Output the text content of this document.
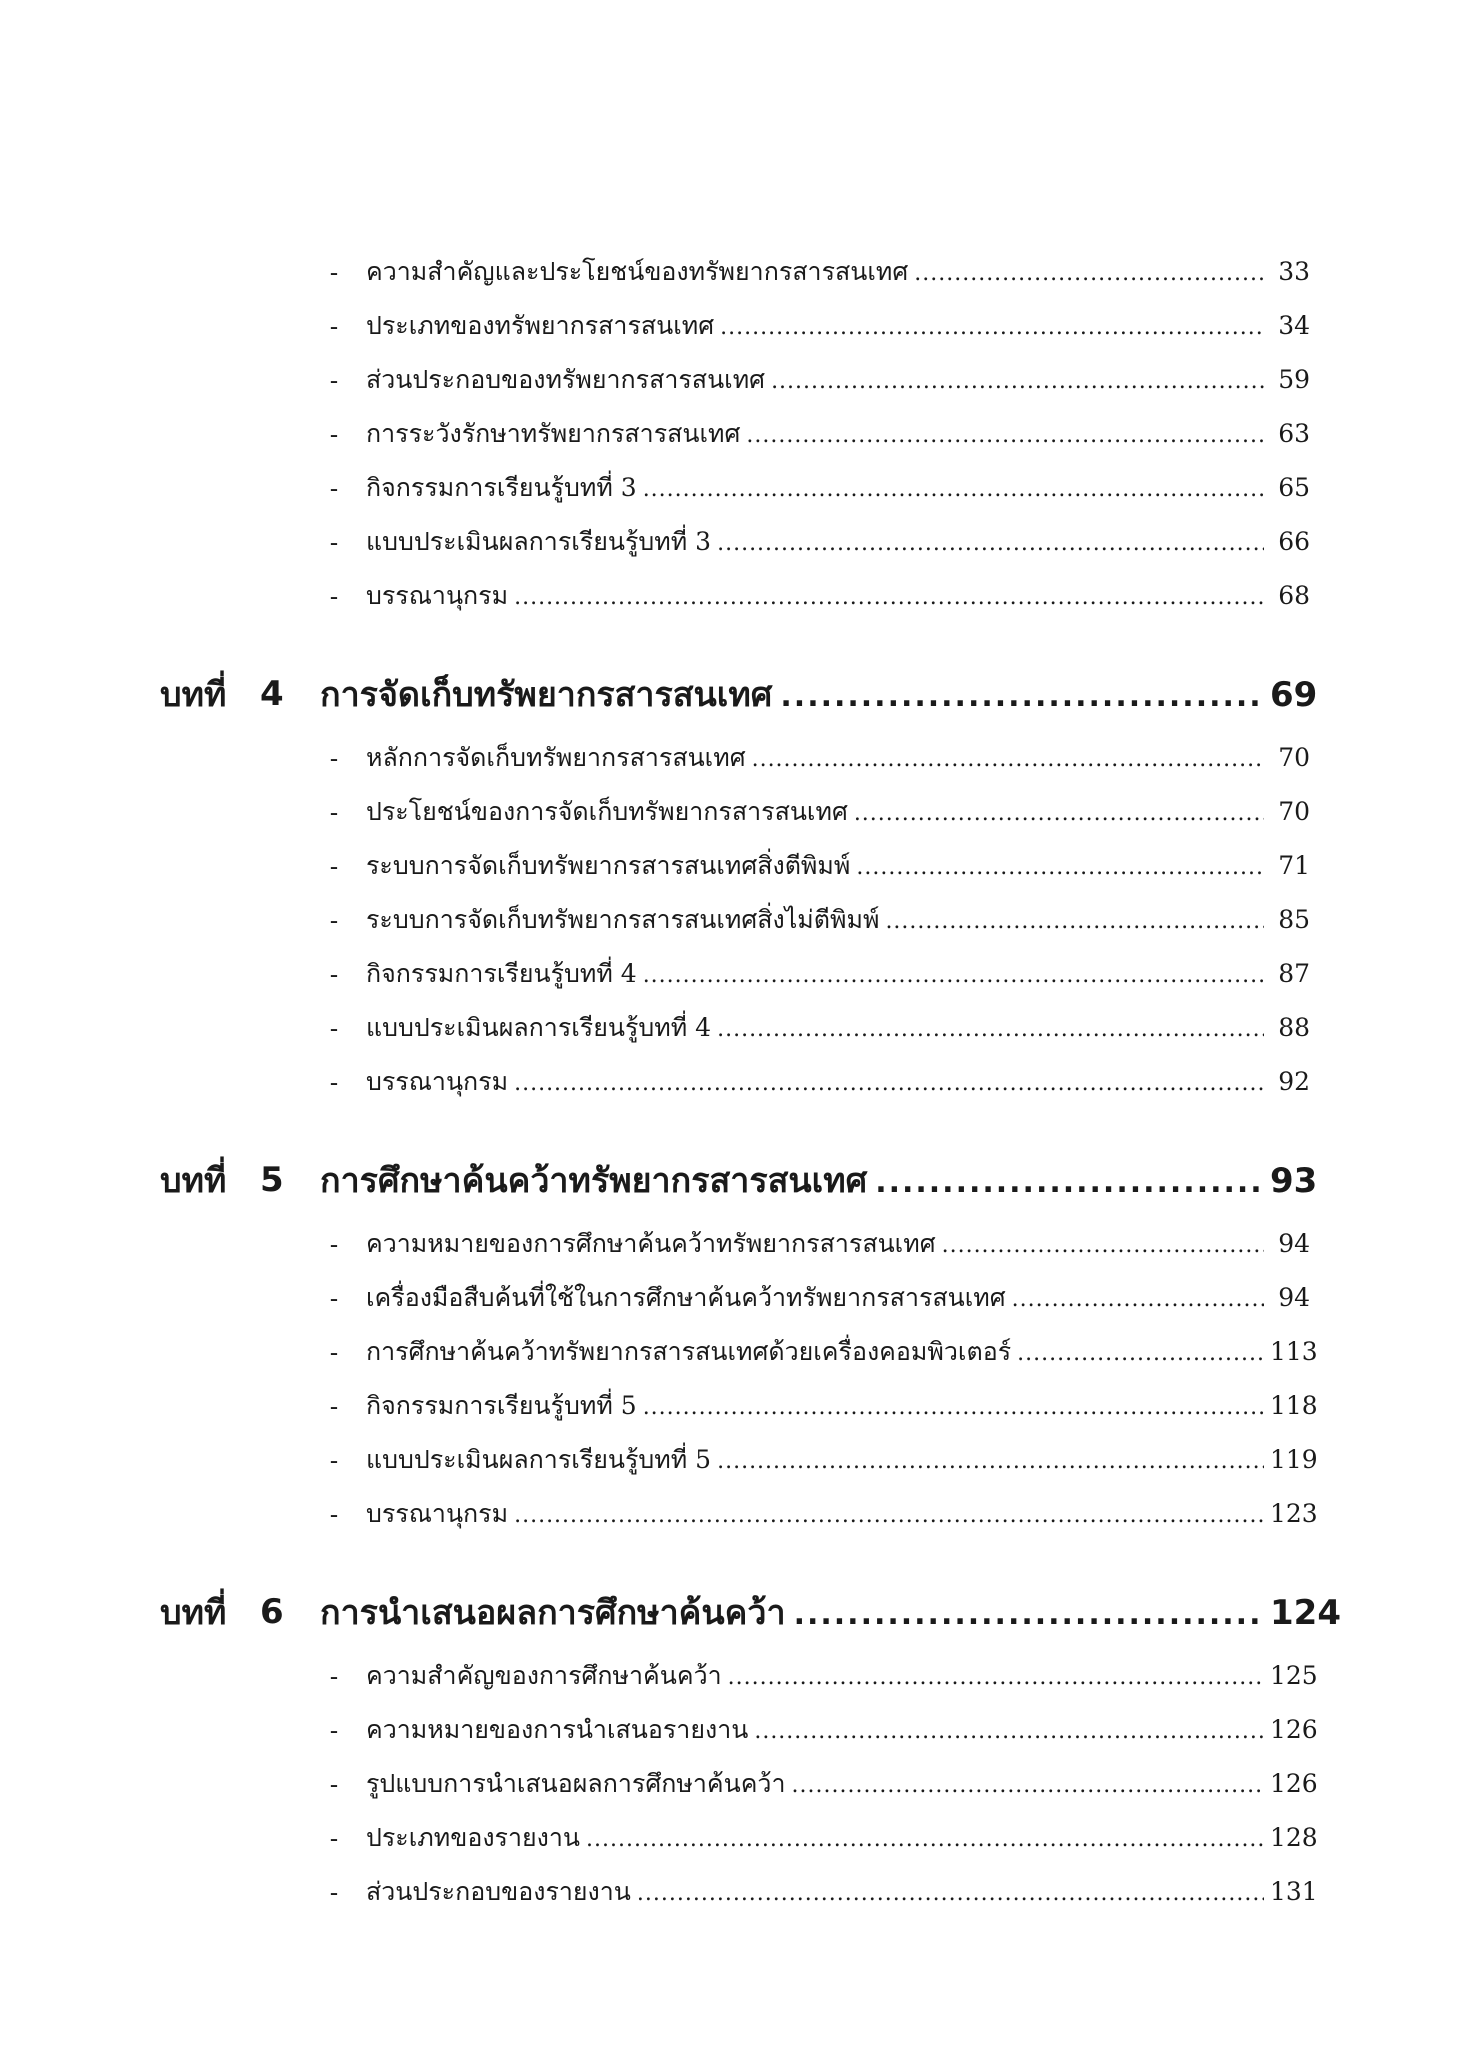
-	ความสำคัญและประโยชน์ของทรัพยากรสารสนเทศ .....	33
-	ประเภทของทรัพยากรสารสนเทศ .....	34
-	ส่วนประกอบของทรัพยากรสารสนเทศ .....	59
-	การระวังรักษาทรัพยากรสารสนเทศ .....	63
-	กิจกรรมการเรียนรู้บทที่ 3 .....	65
-	แบบประเมินผลการเรียนรู้บทที่ 3 .....	66
-	บรรณานุกรม .....	68
บทที่ 4 การจัดเก็บทรัพยากรสารสนเทศ .....	69
-	หลักการจัดเก็บทรัพยากรสารสนเทศ .....	70
-	ประโยชน์ของการจัดเก็บทรัพยากรสารสนเทศ .....	70
-	ระบบการจัดเก็บทรัพยากรสารสนเทศสิ่งตีพิมพ์ .....	71
-	ระบบการจัดเก็บทรัพยากรสารสนเทศสิ่งไม่ตีพิมพ์ .....	85
-	กิจกรรมการเรียนรู้บทที่ 4 .....	87
-	แบบประเมินผลการเรียนรู้บทที่ 4 .....	88
-	บรรณานุกรม .....	92
บทที่ 5 การศึกษาค้นคว้าทรัพยากรสารสนเทศ .....	93
-	ความหมายของการศึกษาค้นคว้าทรัพยากรสารสนเทศ .....	94
-	เครื่องมือสืบค้นที่ใช้ในการศึกษาค้นคว้าทรัพยากรสารสนเทศ .....	94
-	การศึกษาค้นคว้าทรัพยากรสารสนเทศด้วยเครื่องคอมพิวเตอร์ .....	113
-	กิจกรรมการเรียนรู้บทที่ 5 .....	118
-	แบบประเมินผลการเรียนรู้บทที่ 5 .....	119
-	บรรณานุกรม .....	123
บทที่ 6 การนำเสนอผลการศึกษาค้นคว้า .....	124
-	ความสำคัญของการศึกษาค้นคว้า .....	125
-	ความหมายของการนำเสนอรายงาน .....	126
-	รูปแบบการนำเสนอผลการศึกษาค้นคว้า .....	126
-	ประเภทของรายงาน .....	128
-	ส่วนประกอบของรายงาน .....	131
